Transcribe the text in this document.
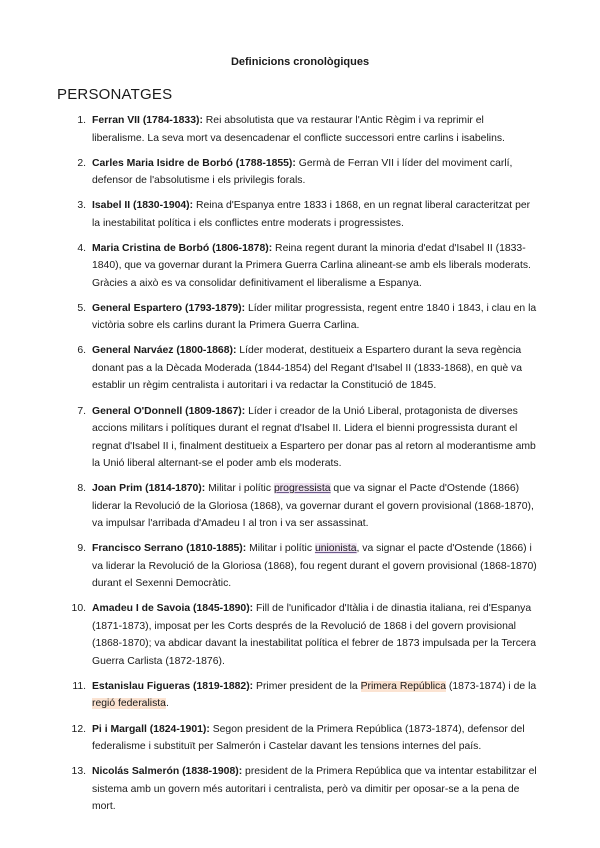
Definicions cronològiques
PERSONATGES
1. Ferran VII (1784-1833): Rei absolutista que va restaurar l'Antic Règim i va reprimir el liberalisme. La seva mort va desencadenar el conflicte successori entre carlins i isabelins.
2. Carles Maria Isidre de Borbó (1788-1855): Germà de Ferran VII i líder del moviment carlí, defensor de l'absolutisme i els privilegis forals.
3. Isabel II (1830-1904): Reina d'Espanya entre 1833 i 1868, en un regnat liberal caracteritzat per la inestabilitat política i els conflictes entre moderats i progressistes.
4. Maria Cristina de Borbó (1806-1878): Reina regent durant la minoria d'edat d'Isabel II (1833-1840), que va governar durant la Primera Guerra Carlina alineant-se amb els liberals moderats. Gràcies a això es va consolidar definitivament el liberalisme a Espanya.
5. General Espartero (1793-1879): Líder militar progressista, regent entre 1840 i 1843, i clau en la victòria sobre els carlins durant la Primera Guerra Carlina.
6. General Narváez (1800-1868): Líder moderat, destitueix a Espartero durant la seva regència donant pas a la Dècada Moderada (1844-1854) del Regant d'Isabel II (1833-1868), en què va establir un règim centralista i autoritari i va redactar la Constitució de 1845.
7. General O'Donnell (1809-1867): Líder i creador de la Unió Liberal, protagonista de diverses accions militars i polítiques durant el regnat d'Isabel II. Lidera el bienni progressista durant el regnat d'Isabel II i, finalment destitueix a Espartero per donar pas al retorn al moderantisme amb la Unió liberal alternant-se el poder amb els moderats.
8. Joan Prim (1814-1870): Militar i polític progressista que va signar el Pacte d'Ostende (1866) liderar la Revolució de la Gloriosa (1868), va governar durant el govern provisional (1868-1870), va impulsar l'arribada d'Amadeu I al tron i va ser assassinat.
9. Francisco Serrano (1810-1885): Militar i polític unionista, va signar el pacte d'Ostende (1866) i va liderar la Revolució de la Gloriosa (1868), fou regent durant el govern provisional (1868-1870) durant el Sexenni Democràtic.
10. Amadeu I de Savoia (1845-1890): Fill de l'unificador d'Itàlia i de dinastia italiana, rei d'Espanya (1871-1873), imposat per les Corts després de la Revolució de 1868 i del govern provisional (1868-1870); va abdicar davant la inestabilitat política el febrer de 1873 impulsada per la Tercera Guerra Carlista (1872-1876).
11. Estanislau Figueras (1819-1882): Primer president de la Primera República (1873-1874) i de la regió federalista.
12. Pi i Margall (1824-1901): Segon president de la Primera República (1873-1874), defensor del federalisme i substituït per Salmerón i Castelar davant les tensions internes del país.
13. Nicolás Salmerón (1838-1908): president de la Primera República que va intentar estabilitzar el sistema amb un govern més autoritari i centralista, però va dimitir per oposar-se a la pena de mort.
